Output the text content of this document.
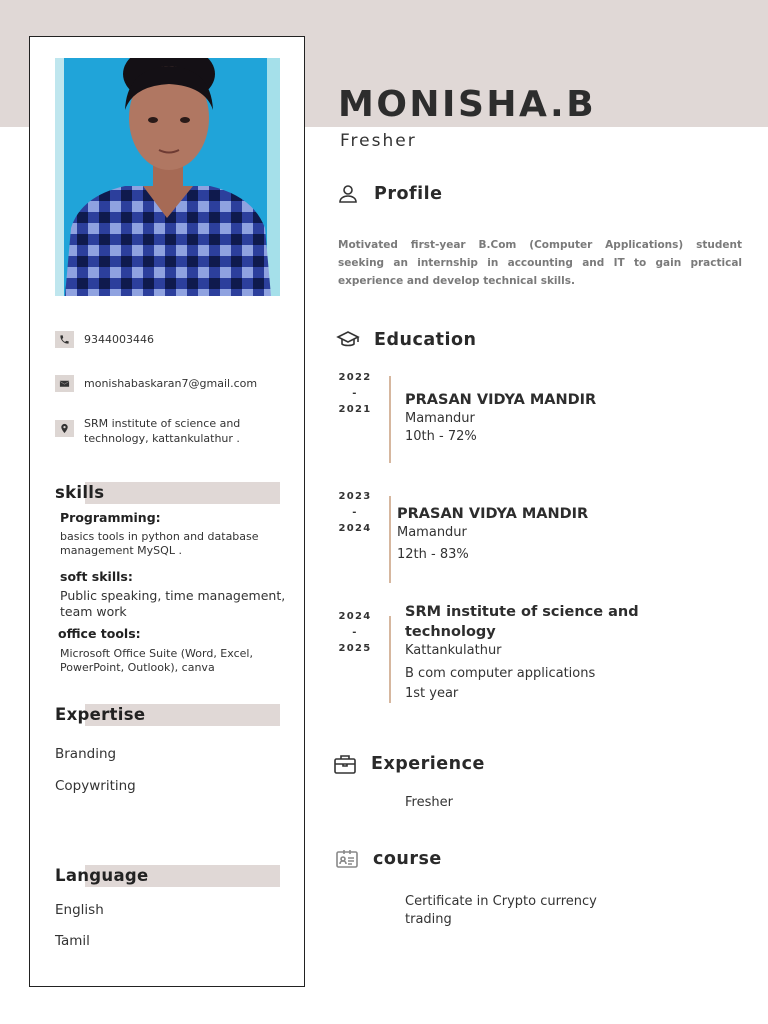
9344003446
monishabaskaran7@gmail.com
SRM institute of science and
technology, kattankulathur .
skills
Programming:
basics tools in python and database
management MySQL .
soft skills:
Public speaking, time management,
team work
office tools:
Microsoft Office Suite (Word, Excel,
PowerPoint, Outlook), canva
Expertise
Branding
Copywriting
Language
English
Tamil
MONISHA.B
Fresher
Profile
Motivated first-year B.Com (Computer Applications) student seeking an internship in accounting and IT to gain practical experience and develop technical skills.
Education
2022
-
2021
PRASAN VIDYA MANDIR
Mamandur
10th - 72%
2023
-
2024
PRASAN VIDYA MANDIR
Mamandur
12th - 83%
2024
-
2025
SRM institute of science and
technology
Kattankulathur
B com computer applications
1st year
Experience
Fresher
course
Certificate in Crypto currency
trading
